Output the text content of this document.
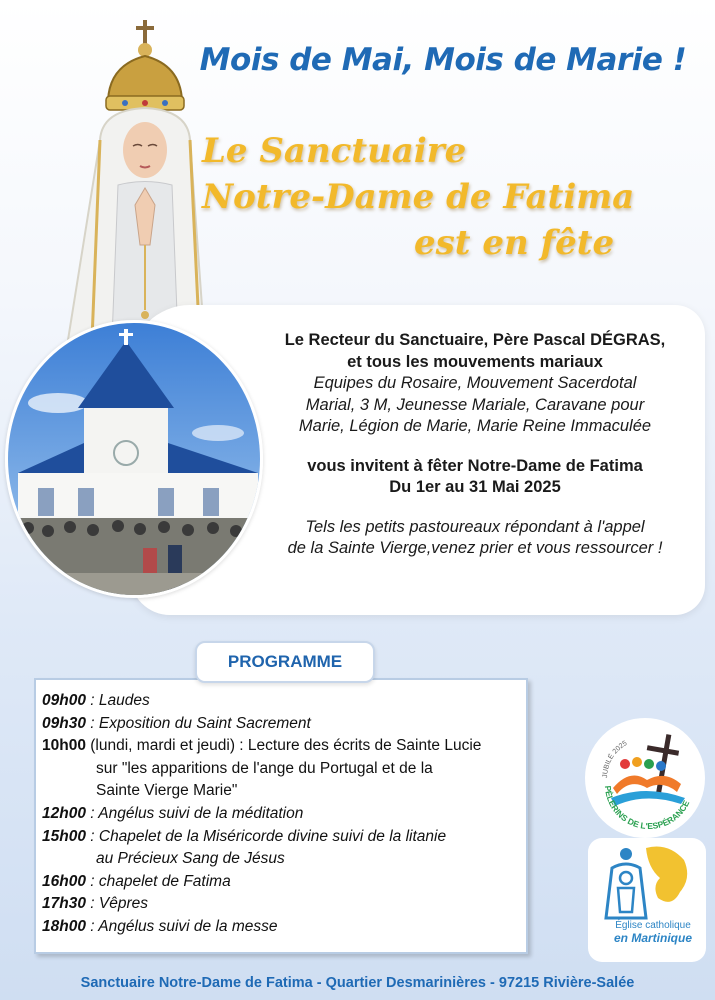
Mois de Mai, Mois de Marie !
Le Sanctuaire
Notre-Dame de Fatima
est en fête
Le Recteur du Sanctuaire, Père Pascal DÉGRAS,
et tous les mouvements mariaux
Equipes du Rosaire, Mouvement Sacerdotal
Marial, 3 M, Jeunesse Mariale, Caravane pour
Marie, Légion de Marie, Marie Reine Immaculée
vous invitent à fêter Notre-Dame de Fatima
Du 1er au 31 Mai 2025
Tels les petits pastoureaux répondant à l'appel
de la Sainte Vierge,venez prier et vous ressourcer !
09h00 : Laudes
09h30 : Exposition du Saint Sacrement
10h00 (lundi, mardi et jeudi) : Lecture des écrits de Sainte Lucie
sur "les apparitions de l'ange du Portugal et de la
Sainte Vierge Marie"
12h00 : Angélus suivi de la méditation
15h00 : Chapelet de la Miséricorde divine suivi de la litanie
au Précieux Sang de Jésus
16h00 : chapelet de Fatima
17h30 : Vêpres
18h00 : Angélus suivi de la messe
PROGRAMME
JUBILÉ 2025
PÈLERINS DE L'ESPÉRANCE
Église catholique
en Martinique
Sanctuaire Notre-Dame de Fatima - Quartier Desmarinières - 97215 Rivière-Salée
